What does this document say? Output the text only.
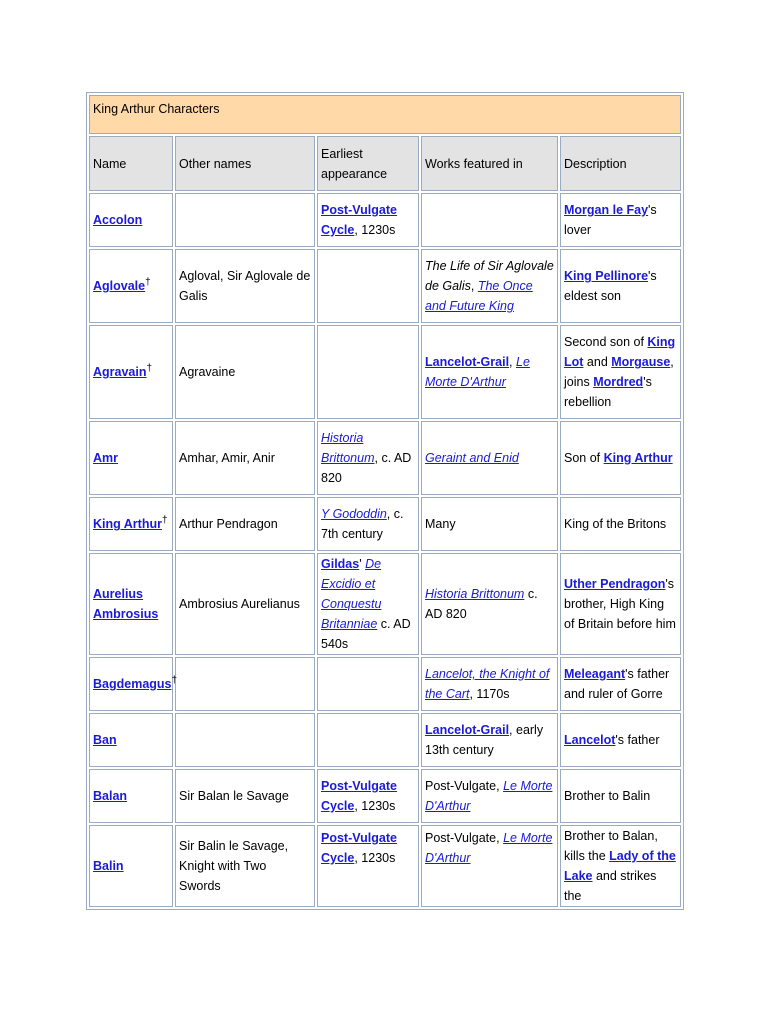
King Arthur Characters				
Name	Other names	Earliest appearance	Works featured in	Description
Accolon		Post-Vulgate Cycle, 1230s		Morgan le Fay's lover
Aglovale†	Agloval, Sir Aglovale de Galis		The Life of Sir Aglovale de Galis, The Once and Future King	King Pellinore's eldest son
Agravain†	Agravaine		Lancelot-Grail, Le Morte D'Arthur	Second son of King Lot and Morgause, joins Mordred's rebellion
Amr	Amhar, Amir, Anir	Historia Brittonum, c. AD 820	Geraint and Enid	Son of King Arthur
King Arthur†	Arthur Pendragon	Y Gododdin, c. 7th century	Many	King of the Britons
Aurelius Ambrosius	Ambrosius Aurelianus	Gildas' De Excidio et Conquestu Britanniae c. AD 540s	Historia Brittonum c. AD 820	Uther Pendragon's brother, High King of Britain before him
Bagdemagus†			Lancelot, the Knight of the Cart, 1170s	Meleagant's father and ruler of Gorre
Ban			Lancelot-Grail, early 13th century	Lancelot's father
Balan	Sir Balan le Savage	Post-Vulgate Cycle, 1230s	Post-Vulgate, Le Morte D'Arthur	Brother to Balin
Balin	Sir Balin le Savage, Knight with Two Swords	Post-Vulgate Cycle, 1230s	Post-Vulgate, Le Morte D'Arthur	Brother to Balan, kills the Lady of the Lake and strikes the
